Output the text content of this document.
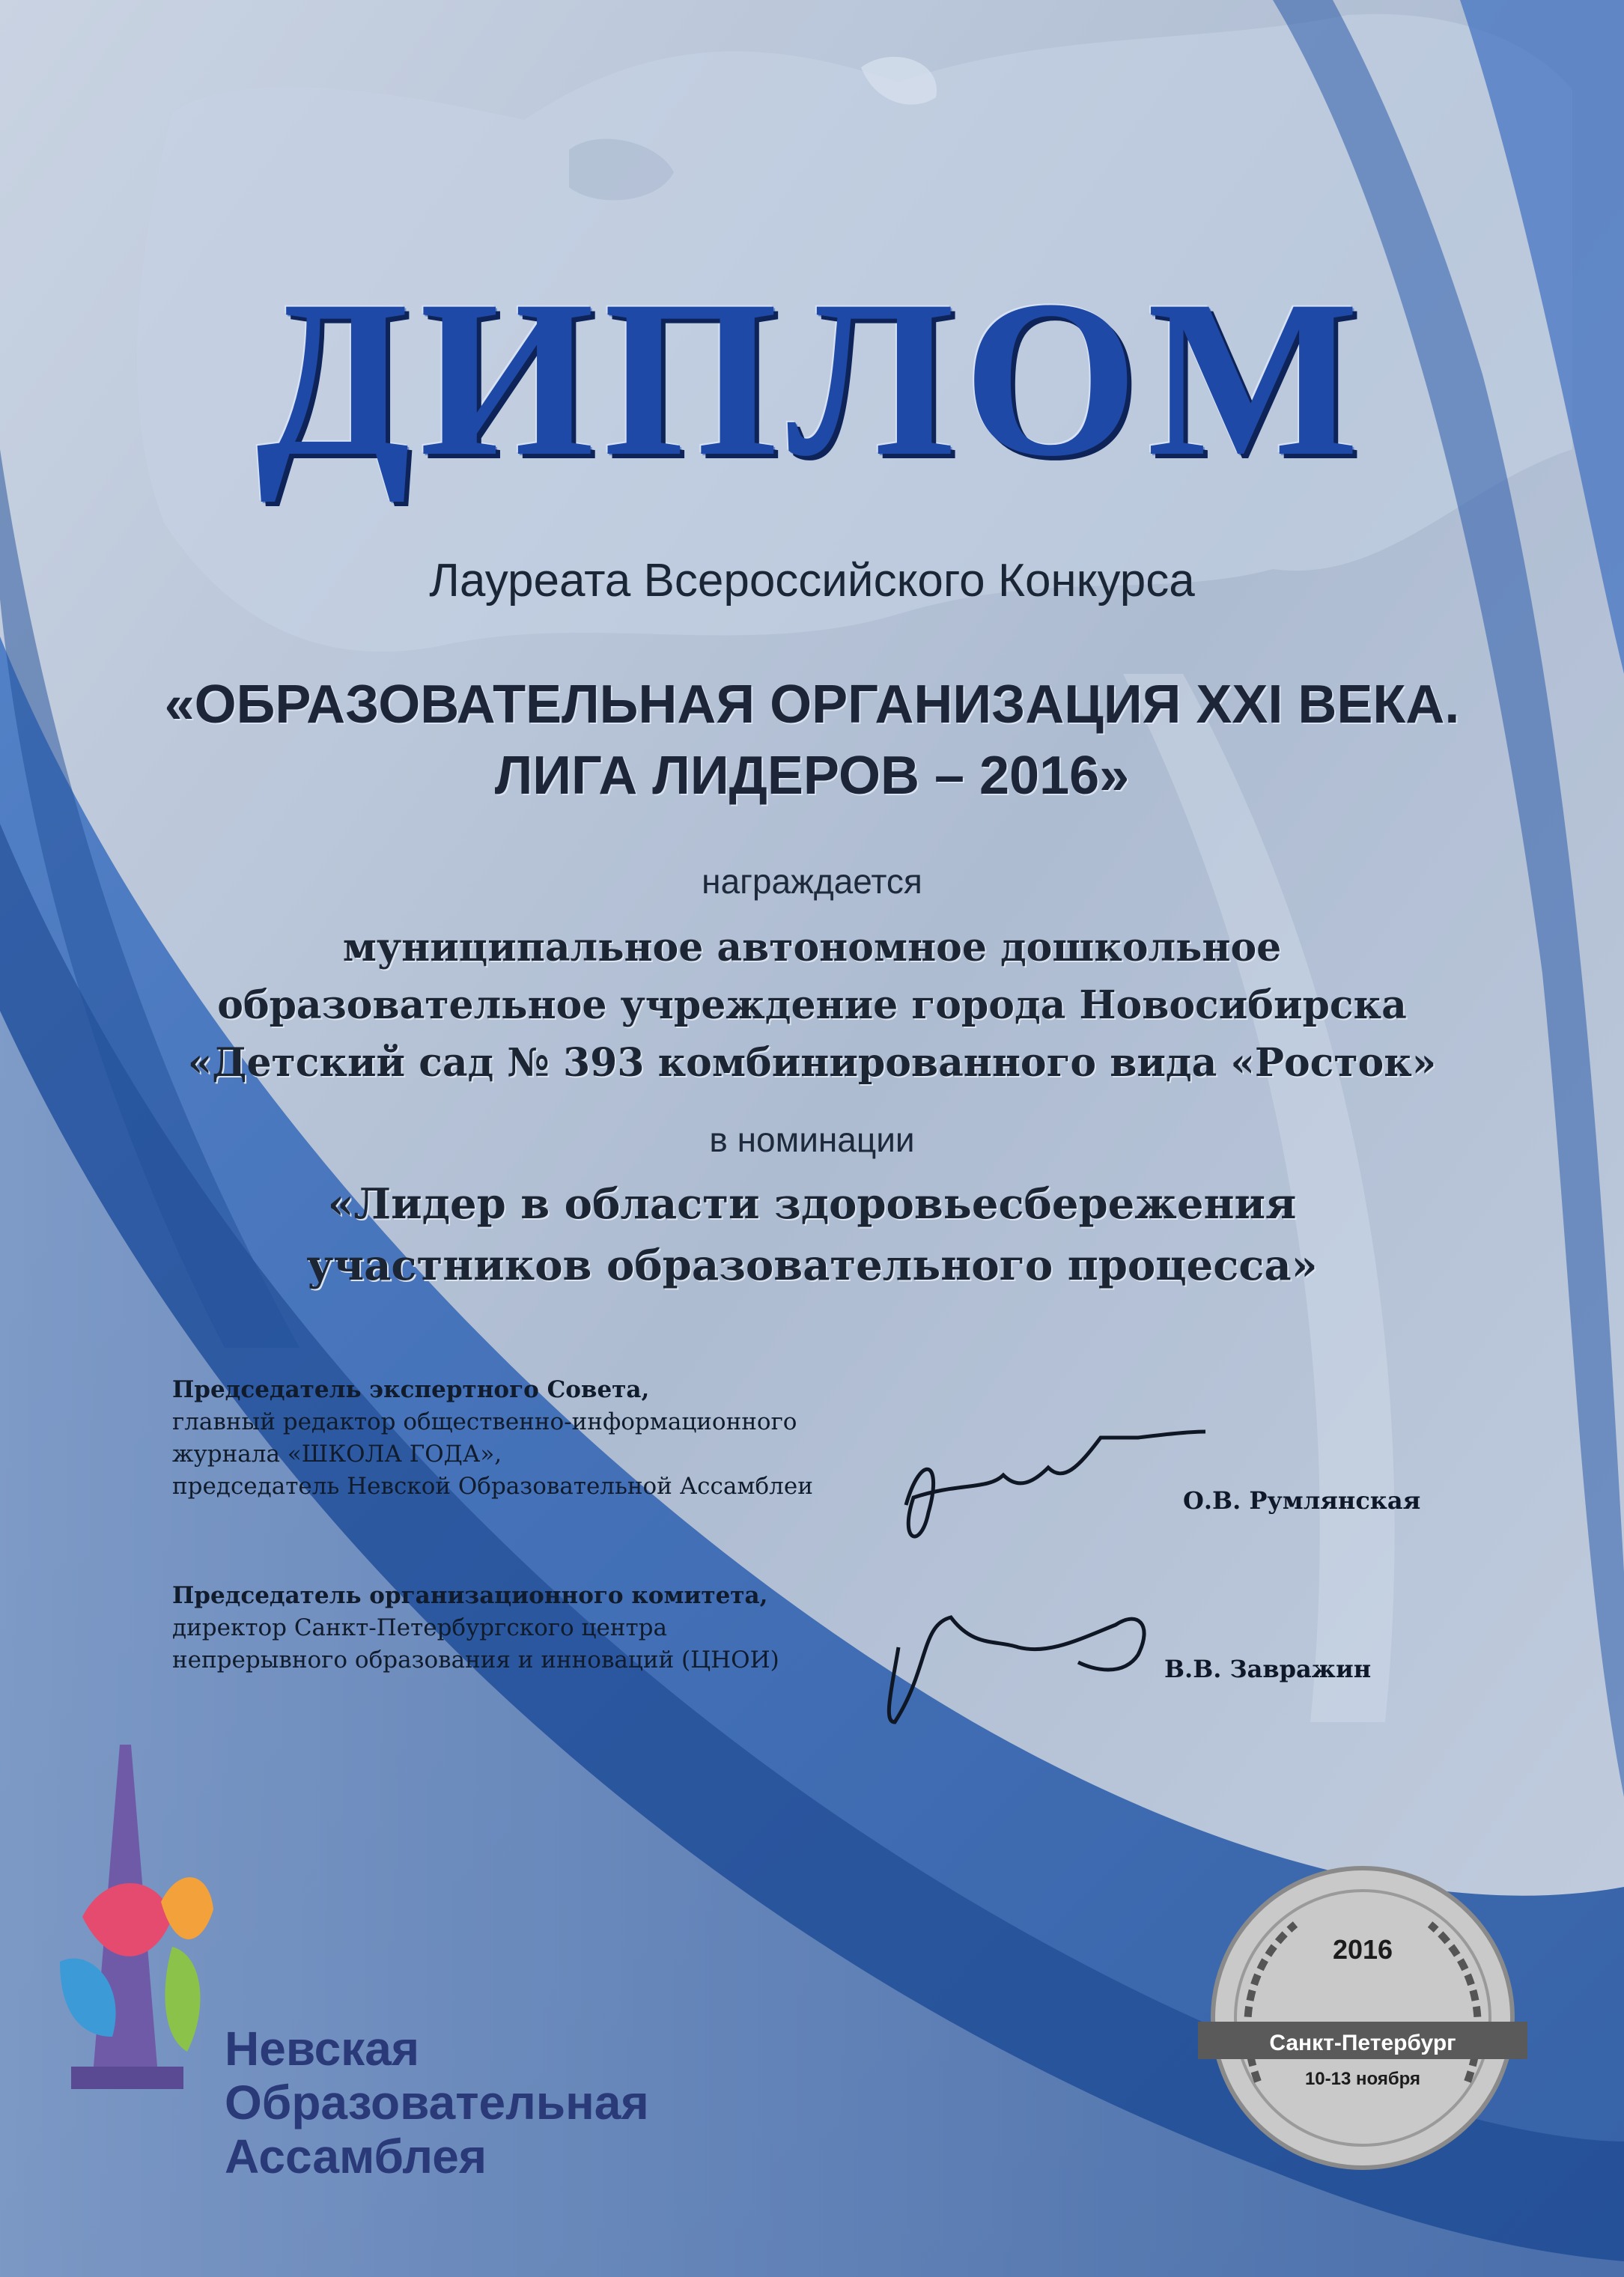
ДИПЛОМ
Лауреата Всероссийского Конкурса
«ОБРАЗОВАТЕЛЬНАЯ ОРГАНИЗАЦИЯ XXI ВЕКА.
ЛИГА ЛИДЕРОВ – 2016»
награждается
муниципальное автономное дошкольное
образовательное учреждение города Новосибирска
«Детский сад № 393 комбинированного вида «Росток»
в номинации
«Лидер в области здоровьесбережения
участников образовательного процесса»
Председатель экспертного Совета,
главный редактор общественно-информационного
журнала «ШКОЛА ГОДА»,
председатель Невской Образовательной Ассамблеи	О.В. Румлянская
Председатель организационного комитета,
директор Санкт-Петербургского центра
непрерывного образования и инноваций (ЦНОИ)	В.В. Завражин
Невская
Образовательная
Ассамблея
2016
Санкт-Петербург
10-13 ноября
